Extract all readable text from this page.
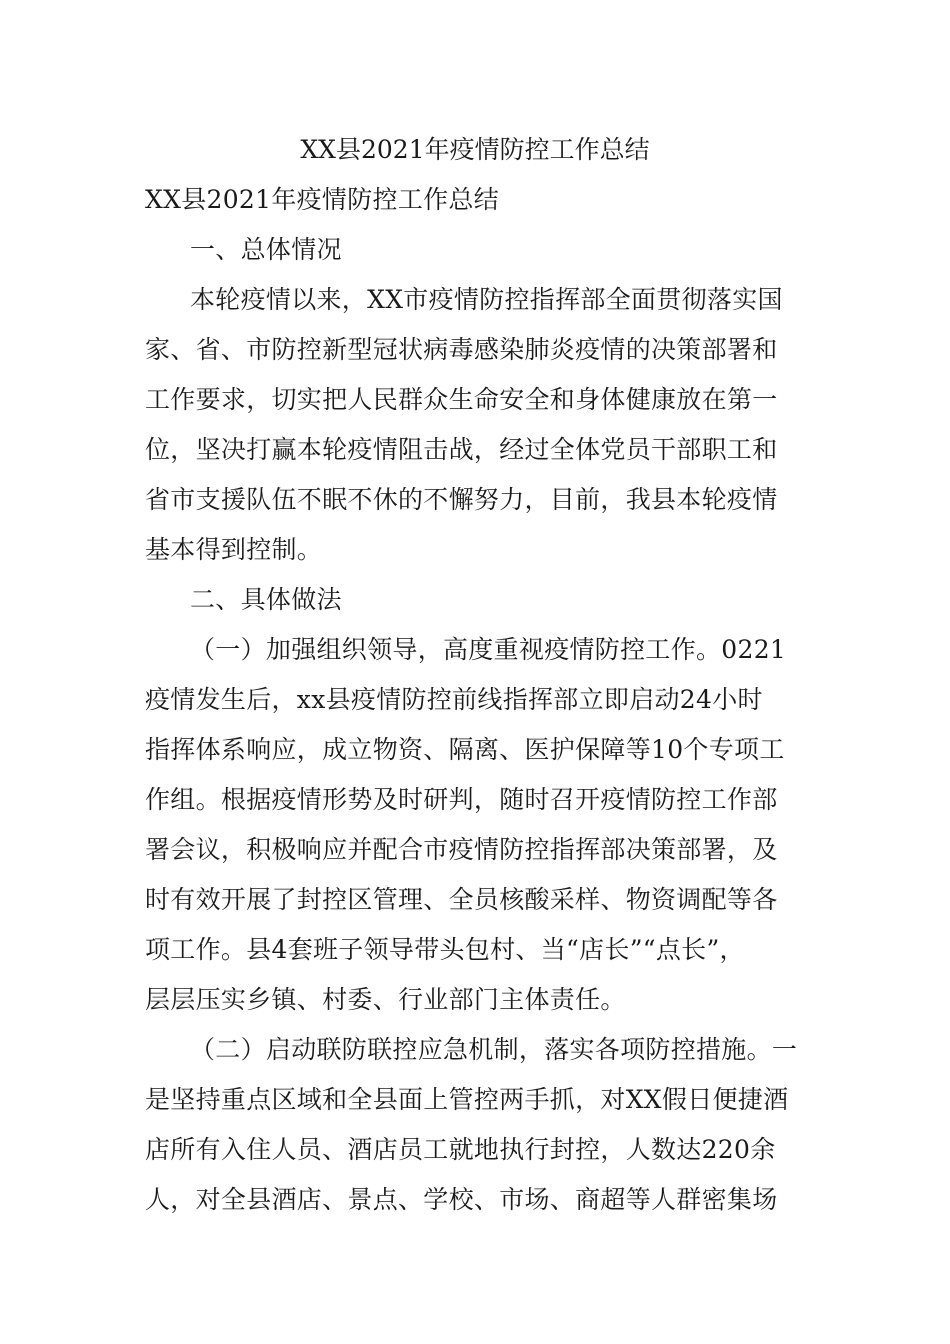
XX县2021年疫情防控工作总结
XX县2021年疫情防控工作总结
一、总体情况
本轮疫情以来，XX市疫情防控指挥部全面贯彻落实国
家、省、市防控新型冠状病毒感染肺炎疫情的决策部署和
工作要求，切实把人民群众生命安全和身体健康放在第一
位，坚决打赢本轮疫情阻击战，经过全体党员干部职工和
省市支援队伍不眠不休的不懈努力，目前，我县本轮疫情
基本得到控制。
二、具体做法
（一）加强组织领导，高度重视疫情防控工作。0221
疫情发生后，xx县疫情防控前线指挥部立即启动24小时
指挥体系响应，成立物资、隔离、医护保障等10个专项工
作组。根据疫情形势及时研判，随时召开疫情防控工作部
署会议，积极响应并配合市疫情防控指挥部决策部署，及
时有效开展了封控区管理、全员核酸采样、物资调配等各
项工作。县4套班子领导带头包村、当“店长”“点长”，
层层压实乡镇、村委、行业部门主体责任。
（二）启动联防联控应急机制，落实各项防控措施。一
是坚持重点区域和全县面上管控两手抓，对XX假日便捷酒
店所有入住人员、酒店员工就地执行封控，人数达220余
人，对全县酒店、景点、学校、市场、商超等人群密集场
